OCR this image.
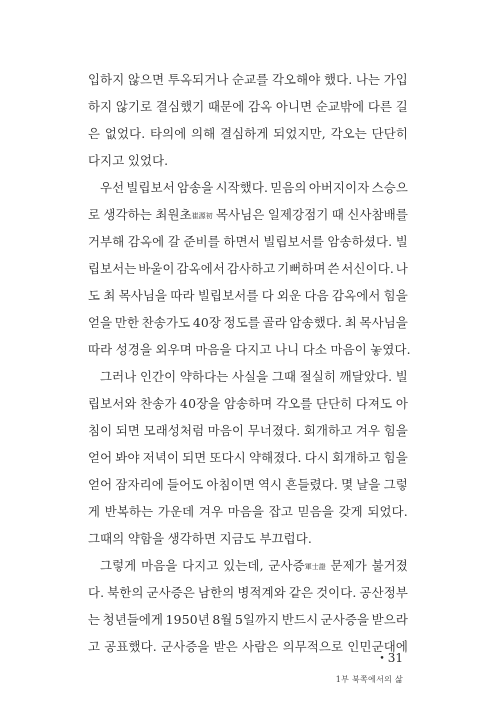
입하지 않으면 투옥되거나 순교를 각오해야 했다. 나는 가입
하지 않기로 결심했기 때문에 감옥 아니면 순교밖에 다른 길
은 없었다. 타의에 의해 결심하게 되었지만, 각오는 단단히
다지고 있었다.
우선 빌립보서 암송을 시작했다. 믿음의 아버지이자 스승으
로 생각하는 최원초崔源初 목사님은 일제강점기 때 신사참배를
거부해 감옥에 갈 준비를 하면서 빌립보서를 암송하셨다. 빌
립보서는 바울이 감옥에서 감사하고 기뻐하며 쓴 서신이다. 나
도 최 목사님을 따라 빌립보서를 다 외운 다음 감옥에서 힘을
얻을 만한 찬송가도 40장 정도를 골라 암송했다. 최 목사님을
따라 성경을 외우며 마음을 다지고 나니 다소 마음이 놓였다.
그러나 인간이 약하다는 사실을 그때 절실히 깨달았다. 빌
립보서와 찬송가 40장을 암송하며 각오를 단단히 다져도 아
침이 되면 모래성처럼 마음이 무너졌다. 회개하고 겨우 힘을
얻어 봐야 저녁이 되면 또다시 약해졌다. 다시 회개하고 힘을
얻어 잠자리에 들어도 아침이면 역시 흔들렸다. 몇 날을 그렇
게 반복하는 가운데 겨우 마음을 잡고 믿음을 갖게 되었다.
그때의 약함을 생각하면 지금도 부끄럽다.
그렇게 마음을 다지고 있는데, 군사증軍士證 문제가 불거졌
다. 북한의 군사증은 남한의 병적계와 같은 것이다. 공산정부
는 청년들에게 1950년 8월 5일까지 반드시 군사증을 받으라
고 공표했다. 군사증을 받은 사람은 의무적으로 인민군대에
• 31
1부 북쪽에서의 삶
